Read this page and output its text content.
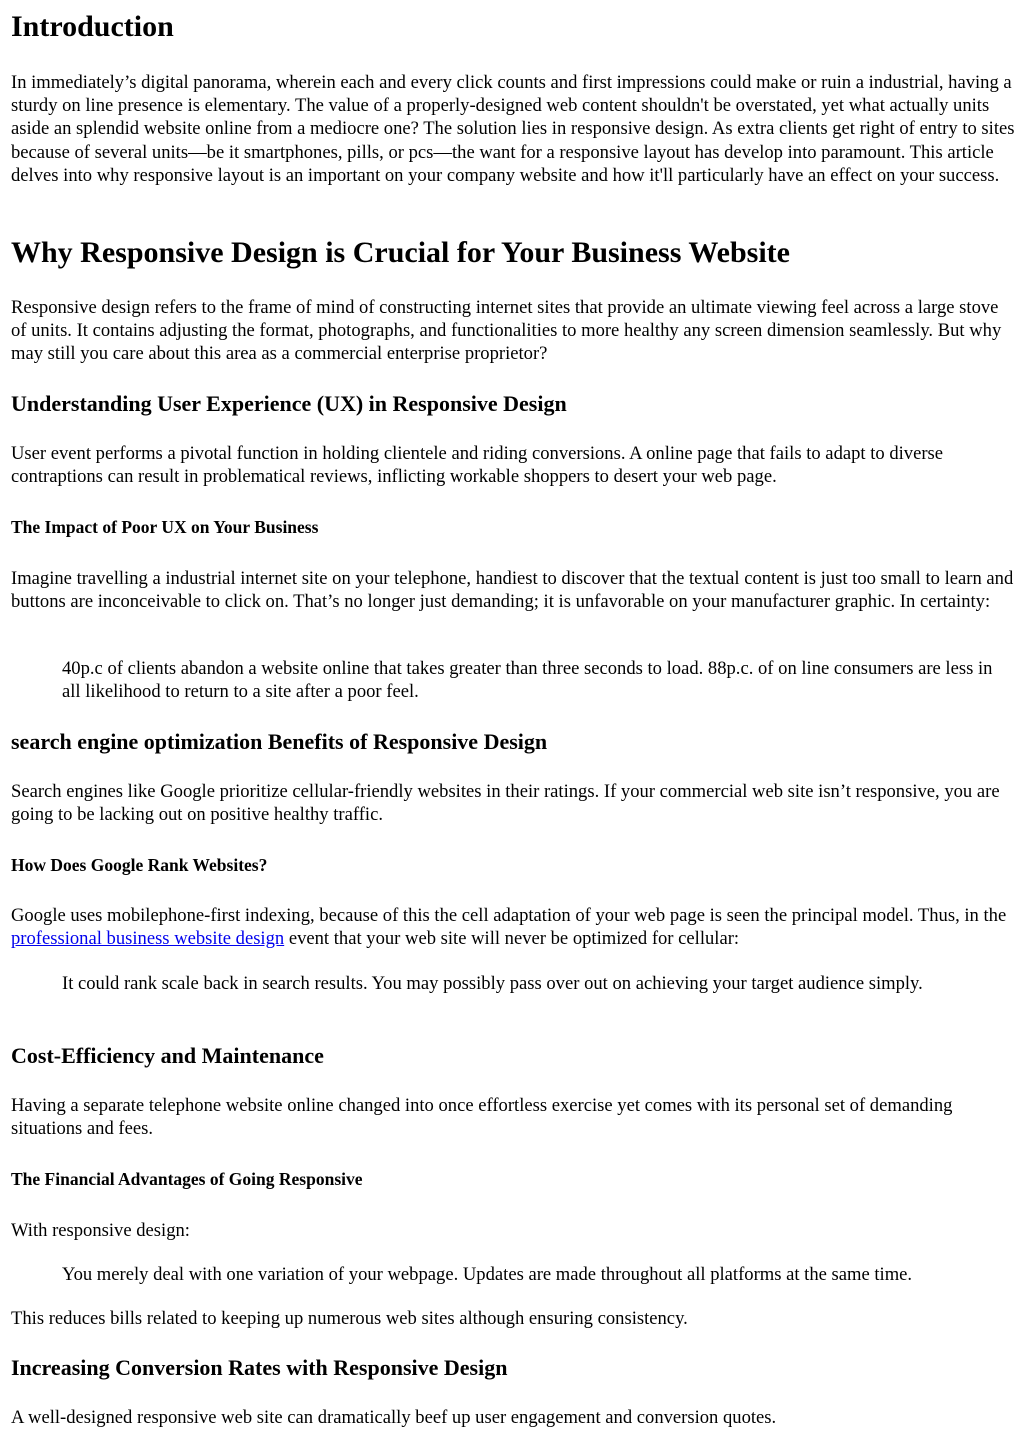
Introduction

In immediately’s digital panorama, wherein each and every click counts and first impressions could make or ruin a industrial, having a sturdy on line presence is elementary. The value of a properly-designed web content shouldn't be overstated, yet what actually units aside an splendid website online from a mediocre one? The solution lies in responsive design. As extra clients get right of entry to sites because of several units—be it smartphones, pills, or pcs—the want for a responsive layout has develop into paramount. This article delves into why responsive layout is an important on your company website and how it'll particularly have an effect on your success.

Why Responsive Design is Crucial for Your Business Website

Responsive design refers to the frame of mind of constructing internet sites that provide an ultimate viewing feel across a large stove of units. It contains adjusting the format, photographs, and functionalities to more healthy any screen dimension seamlessly. But why may still you care about this area as a commercial enterprise proprietor?

Understanding User Experience (UX) in Responsive Design

User event performs a pivotal function in holding clientele and riding conversions. A online page that fails to adapt to diverse contraptions can result in problematical reviews, inflicting workable shoppers to desert your web page.

The Impact of Poor UX on Your Business

Imagine travelling a industrial internet site on your telephone, handiest to discover that the textual content is just too small to learn and buttons are inconceivable to click on. That’s no longer just demanding; it is unfavorable on your manufacturer graphic. In certainty:

40p.c of clients abandon a website online that takes greater than three seconds to load. 88p.c. of on line consumers are less in all likelihood to return to a site after a poor feel.
search engine optimization Benefits of Responsive Design

Search engines like Google prioritize cellular-friendly websites in their ratings. If your commercial web site isn’t responsive, you are going to be lacking out on positive healthy traffic.

How Does Google Rank Websites?

Google uses mobilephone-first indexing, because of this the cell adaptation of your web page is seen the principal model. Thus, in the professional business website design event that your web site will never be optimized for cellular:

It could rank scale back in search results. You may possibly pass over out on achieving your target audience simply.
Cost-Efficiency and Maintenance

Having a separate telephone website online changed into once effortless exercise yet comes with its personal set of demanding situations and fees.

The Financial Advantages of Going Responsive

With responsive design:

You merely deal with one variation of your webpage. Updates are made throughout all platforms at the same time.

This reduces bills related to keeping up numerous web sites although ensuring consistency.

Increasing Conversion Rates with Responsive Design

A well-designed responsive web site can dramatically beef up user engagement and conversion quotes.
